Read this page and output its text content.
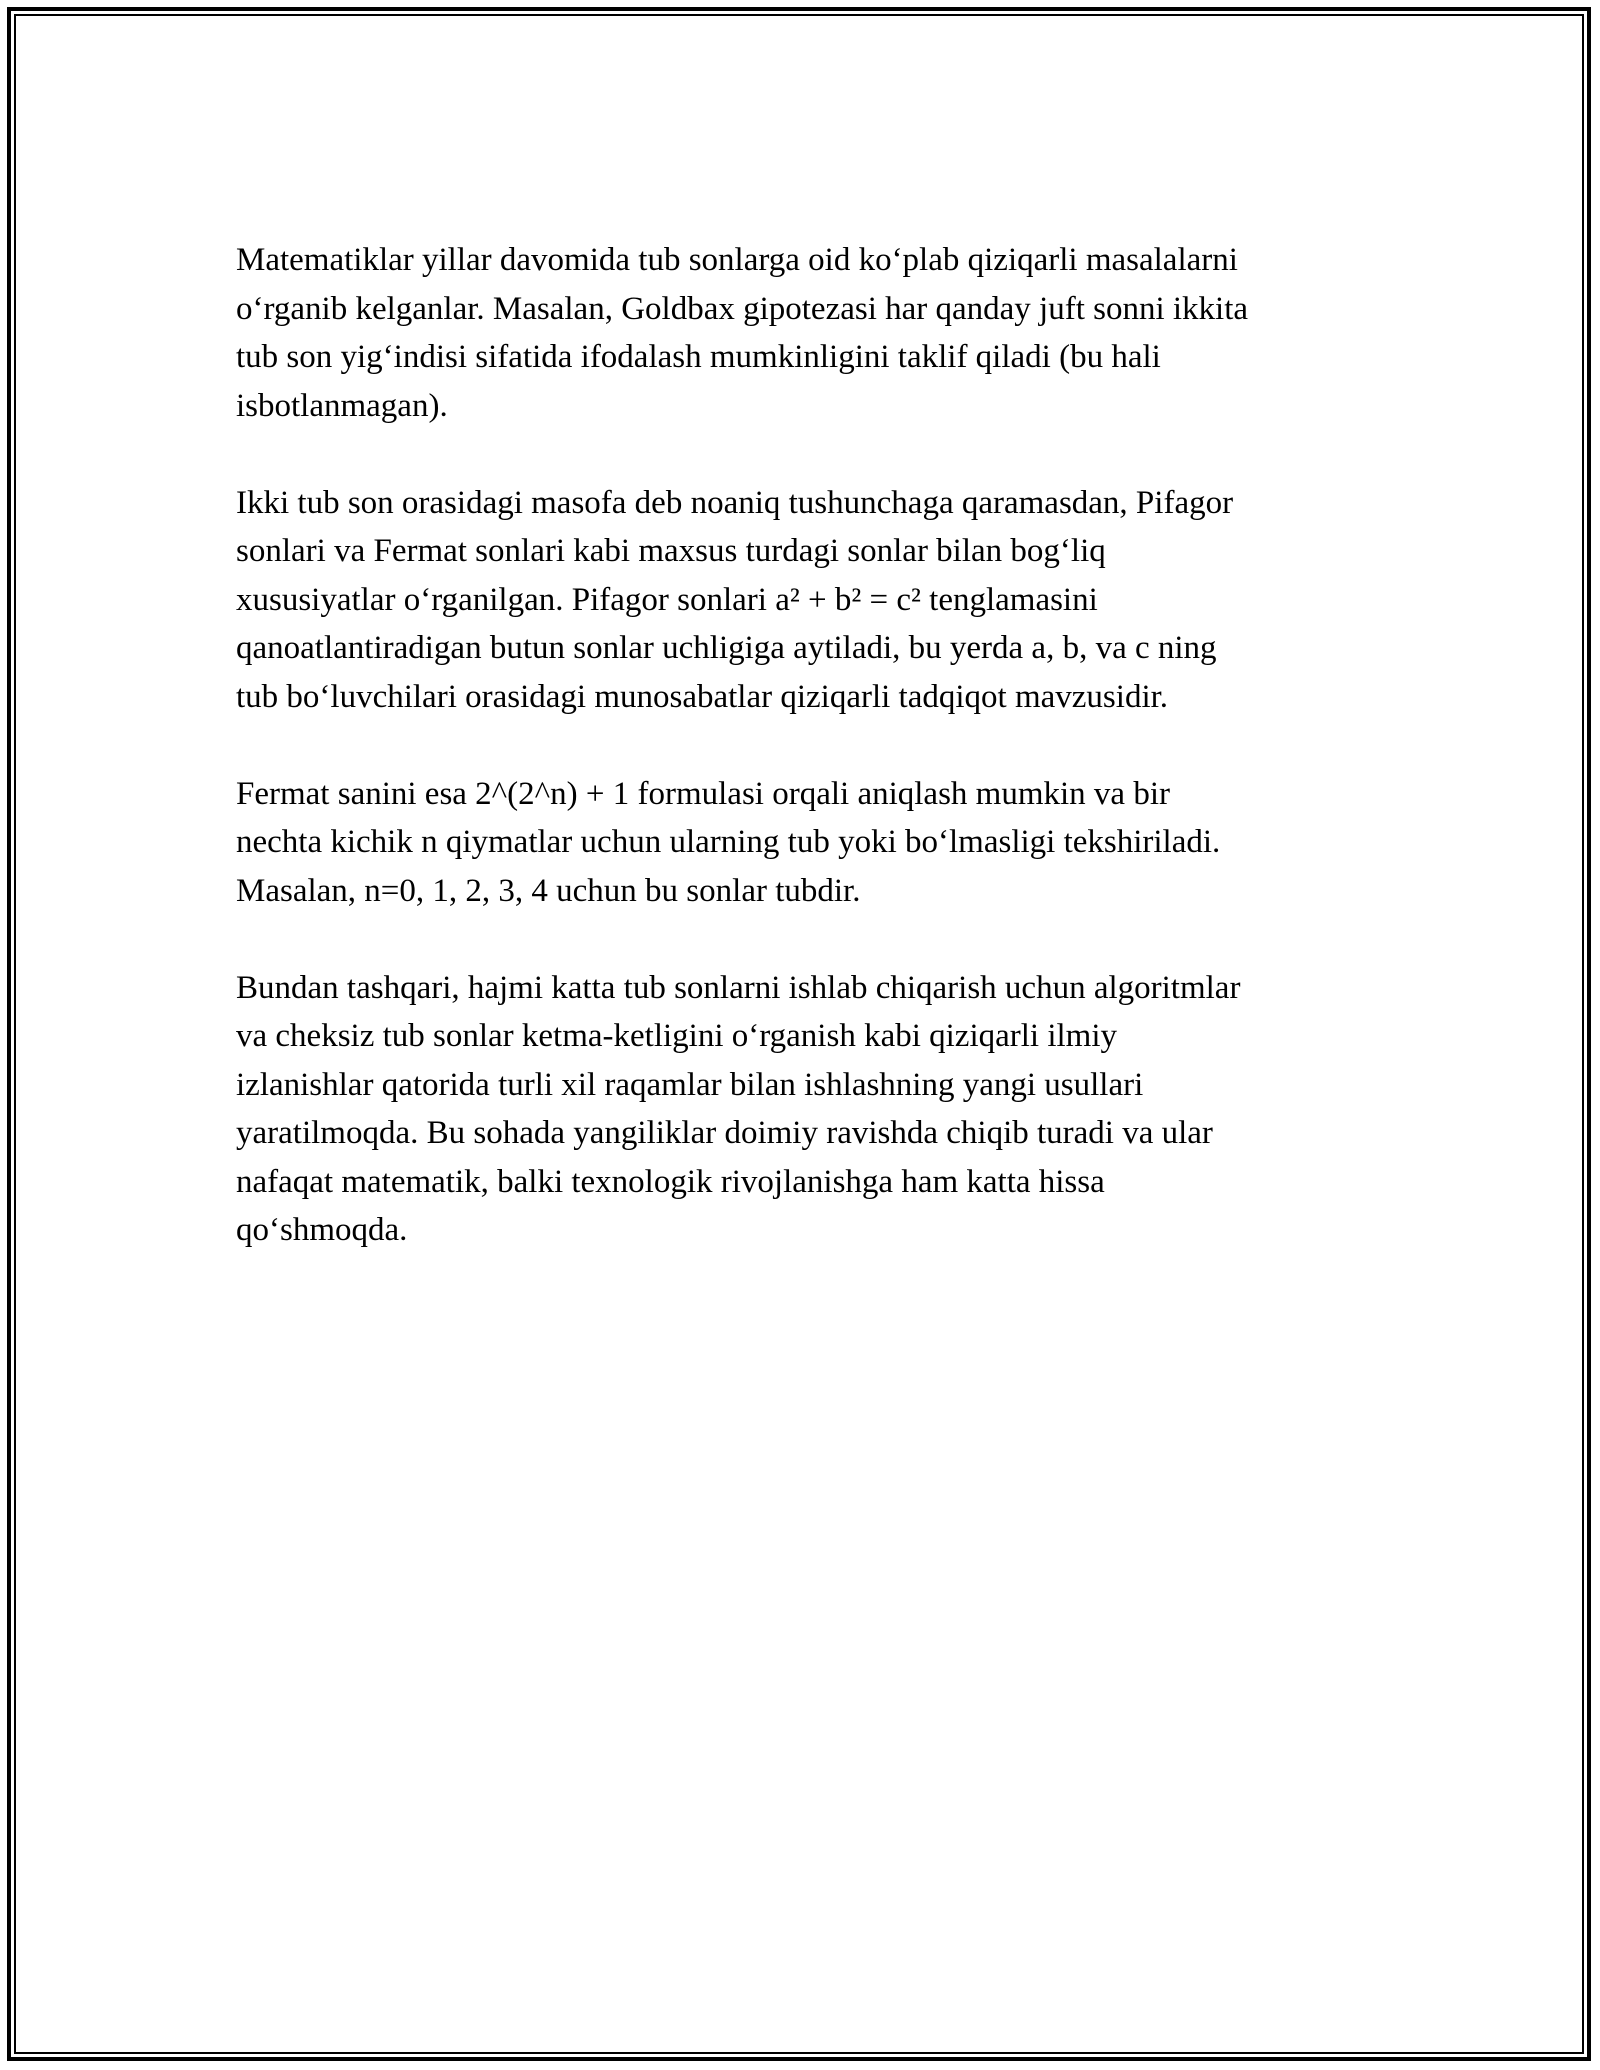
Matematiklar yillar davomida tub sonlarga oid ko‘plab qiziqarli masalalarni
o‘rganib kelganlar. Masalan, Goldbax gipotezasi har qanday juft sonni ikkita
tub son yig‘indisi sifatida ifodalash mumkinligini taklif qiladi (bu hali
isbotlanmagan).

Ikki tub son orasidagi masofa deb noaniq tushunchaga qaramasdan, Pifagor
sonlari va Fermat sonlari kabi maxsus turdagi sonlar bilan bog‘liq
xususiyatlar o‘rganilgan. Pifagor sonlari a² + b² = c² tenglamasini
qanoatlantiradigan butun sonlar uchligiga aytiladi, bu yerda a, b, va c ning
tub bo‘luvchilari orasidagi munosabatlar qiziqarli tadqiqot mavzusidir.

Fermat sanini esa 2^(2^n) + 1 formulasi orqali aniqlash mumkin va bir
nechta kichik n qiymatlar uchun ularning tub yoki bo‘lmasligi tekshiriladi.
Masalan, n=0, 1, 2, 3, 4 uchun bu sonlar tubdir.

Bundan tashqari, hajmi katta tub sonlarni ishlab chiqarish uchun algoritmlar
va cheksiz tub sonlar ketma-ketligini o‘rganish kabi qiziqarli ilmiy
izlanishlar qatorida turli xil raqamlar bilan ishlashning yangi usullari
yaratilmoqda. Bu sohada yangiliklar doimiy ravishda chiqib turadi va ular
nafaqat matematik, balki texnologik rivojlanishga ham katta hissa
qo‘shmoqda.
